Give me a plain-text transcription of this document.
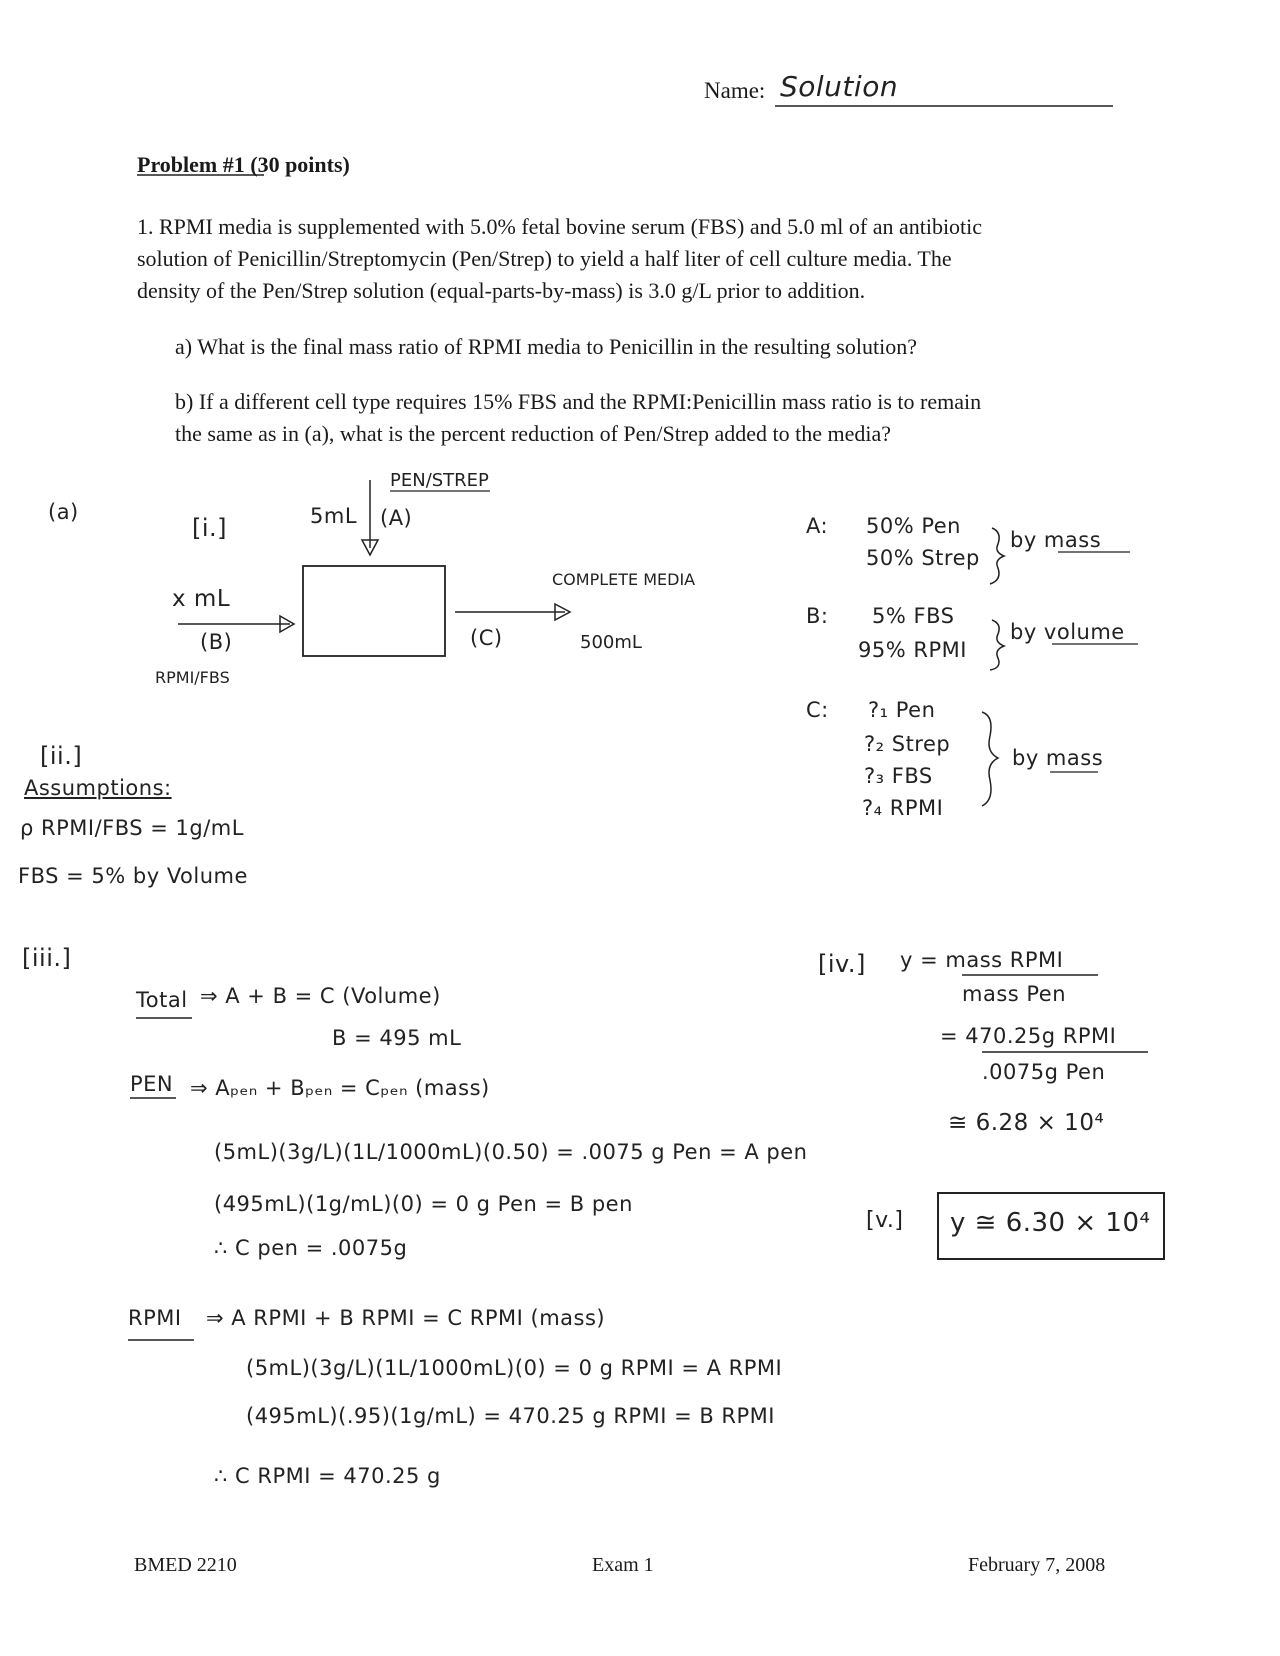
Name: Solution
Problem #1 (30 points)
1. RPMI media is supplemented with 5.0% fetal bovine serum (FBS) and 5.0 ml of an antibiotic
solution of Penicillin/Streptomycin (Pen/Strep) to yield a half liter of cell culture media. The
density of the Pen/Strep solution (equal-parts-by-mass) is 3.0 g/L prior to addition.
a) What is the final mass ratio of RPMI media to Penicillin in the resulting solution?
b) If a different cell type requires 15% FBS and the RPMI:Penicillin mass ratio is to remain
the same as in (a), what is the percent reduction of Pen/Strep added to the media?
(a)
[i.]
PEN/STREP
5mL (A)
x mL
(B)
RPMI/FBS
(C)
COMPLETE MEDIA
500mL
A: 50% Pen
50% Strep
by mass
B: 5% FBS
95% RPMI
by volume
C: ?₁ Pen
?₂ Strep
?₃ FBS
?₄ RPMI
by mass
[ii.]
Assumptions:
ρ RPMI/FBS = 1g/mL
FBS = 5% by Volume
[iii.]
Total ⇒ A + B = C (Volume)
B = 495 mL
PEN ⇒ Aₚₑₙ + Bₚₑₙ = Cₚₑₙ (mass)
(5mL)(3g/L)(1L/1000mL)(0.50) = .0075 g Pen = A pen
(495mL)(1g/mL)(0) = 0 g Pen = B pen
∴ C pen = .0075g
RPMI ⇒ A RPMI + B RPMI = C RPMI (mass)
(5mL)(3g/L)(1L/1000mL)(0) = 0 g RPMI = A RPMI
(495mL)(.95)(1g/mL) = 470.25 g RPMI = B RPMI
∴ C RPMI = 470.25 g
[iv.] y = mass RPMI
mass Pen
= 470.25g RPMI
.0075g Pen
≅ 6.28 × 10⁴
[v.] y ≅ 6.30 × 10⁴
BMED 2210	Exam 1	February 7, 2008
